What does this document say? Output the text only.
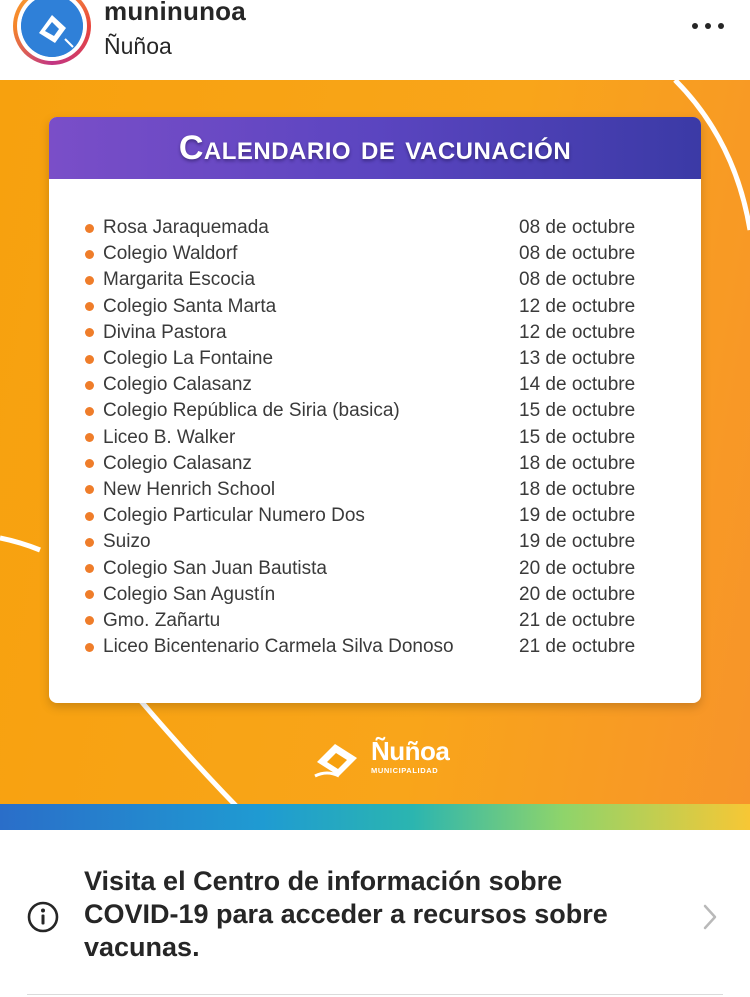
muninunoa
Ñuñoa
Calendario de vacunación
Rosa Jaraquemada	08 de octubre
Colegio Waldorf	08 de octubre
Margarita Escocia	08 de octubre
Colegio Santa Marta	12 de octubre
Divina Pastora	12 de octubre
Colegio La Fontaine	13 de octubre
Colegio Calasanz	14 de octubre
Colegio República de Siria (basica)	15 de octubre
Liceo B. Walker	15 de octubre
Colegio Calasanz	18 de octubre
New Henrich School	18 de octubre
Colegio Particular Numero Dos	19 de octubre
Suizo	19 de octubre
Colegio San Juan Bautista	20 de octubre
Colegio San Agustín	20 de octubre
Gmo. Zañartu	21 de octubre
Liceo Bicentenario Carmela Silva Donoso	21 de octubre
Ñuñoa
MUNICIPALIDAD
Visita el Centro de información sobre COVID-19 para acceder a recursos sobre vacunas.
